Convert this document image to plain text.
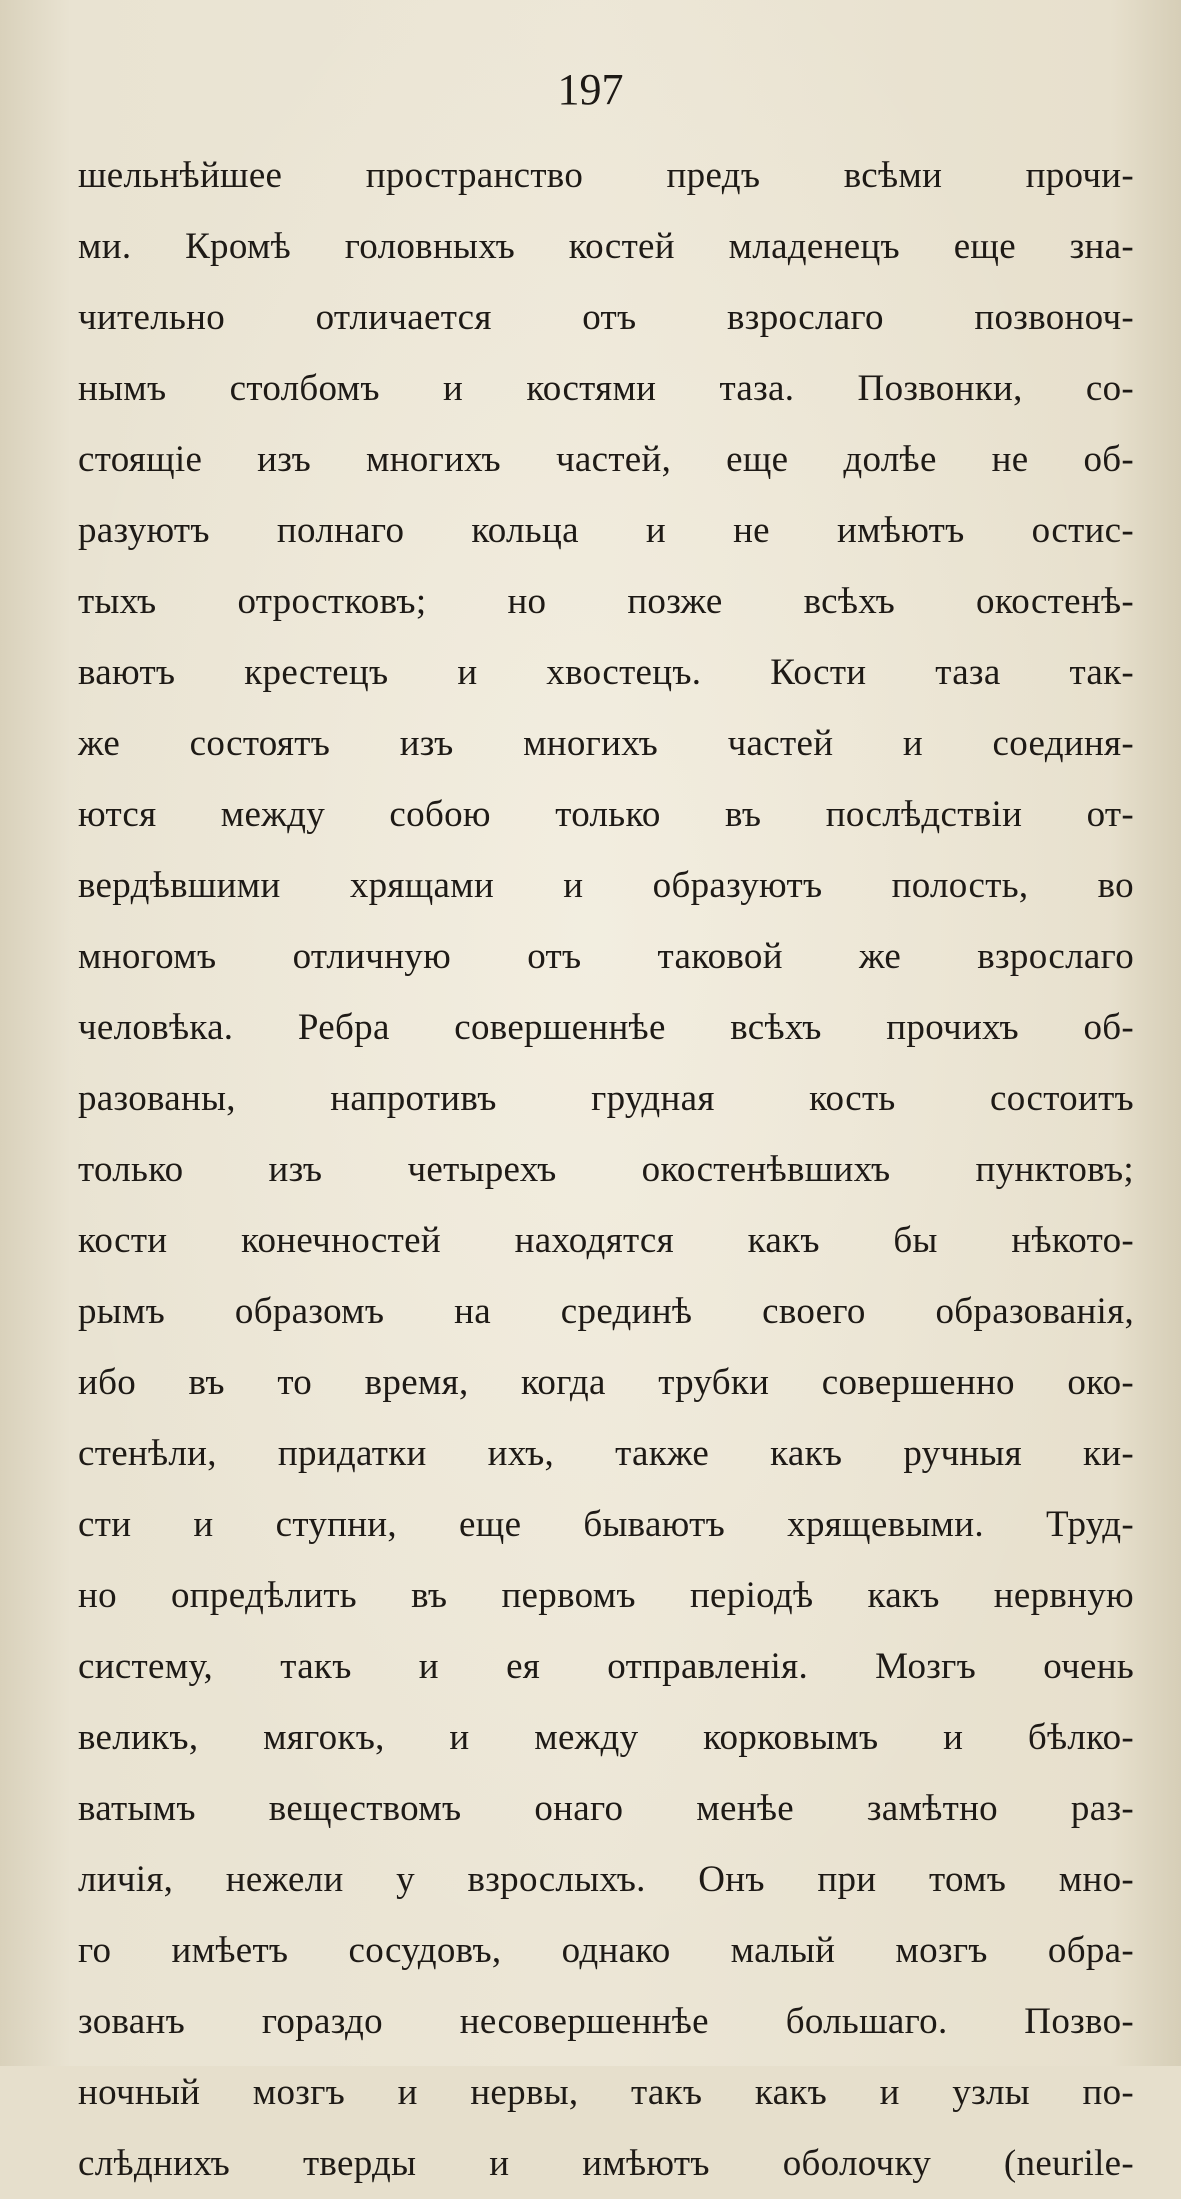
197
шельнѣйшее пространство предъ всѣми прочи-
ми. Кромѣ головныхъ костей младенецъ еще зна-
чительно отличается отъ взрослаго позвоноч-
нымъ столбомъ и костями таза. Позвонки, со-
стоящіе изъ многихъ частей, еще долѣе не об-
разуютъ полнаго кольца и не имѣютъ остис-
тыхъ отростковъ; но позже всѣхъ окостенѣ-
ваютъ крестецъ и хвостецъ. Кости таза так-
же состоятъ изъ многихъ частей и соединя-
ются между собою только въ послѣдствіи от-
вердѣвшими хрящами и образуютъ полость, во
многомъ отличную отъ таковой же взрослаго
человѣка. Ребра совершеннѣе всѣхъ прочихъ об-
разованы, напротивъ грудная кость состоитъ
только изъ четырехъ окостенѣвшихъ пунктовъ;
кости конечностей находятся какъ бы нѣкото-
рымъ образомъ на срединѣ своего образованія,
ибо въ то время, когда трубки совершенно око-
стенѣли, придатки ихъ, также какъ ручныя ки-
сти и ступни, еще бываютъ хрящевыми. Труд-
но опредѣлить въ первомъ періодѣ какъ нервную
систему, такъ и ея отправленія. Мозгъ очень
великъ, мягокъ, и между корковымъ и бѣлко-
ватымъ веществомъ онаго менѣе замѣтно раз-
личія, нежели у взрослыхъ. Онъ при томъ мно-
го имѣетъ сосудовъ, однако малый мозгъ обра-
зованъ гораздо несовершеннѣе большаго. Позво-
ночный мозгъ и нервы, такъ какъ и узлы по-
слѣднихъ тверды и имѣютъ оболочку (neurile-
